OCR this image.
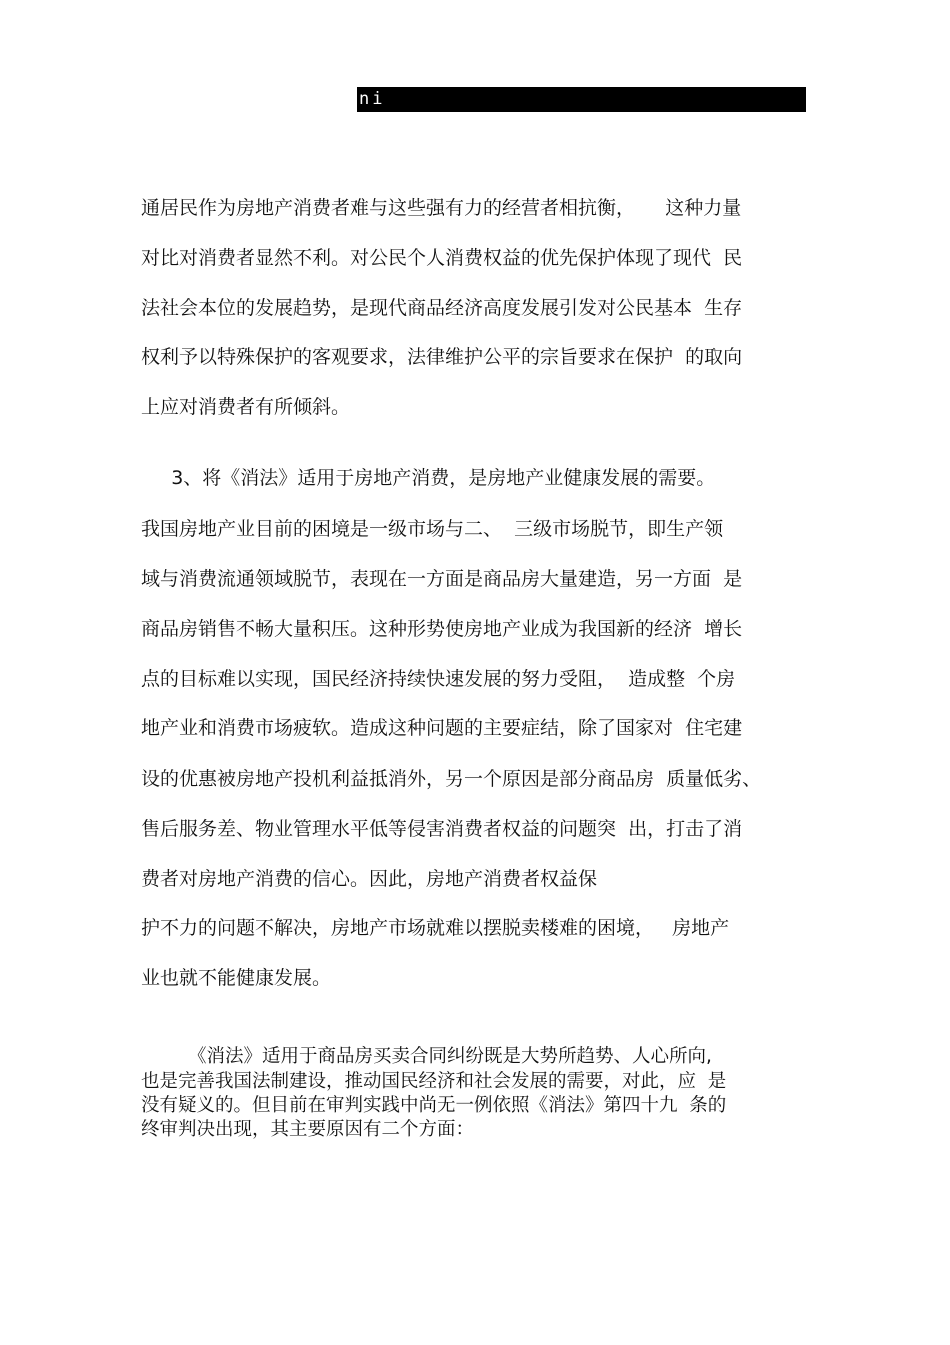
ni
通居民作为房地产消费者难与这些强有力的经营者相抗衡，     这种力量
对比对消费者显然不利。对公民个人消费权益的优先保护体现了现代  民
法社会本位的发展趋势，是现代商品经济高度发展引发对公民基本  生存
权利予以特殊保护的客观要求，法律维护公平的宗旨要求在保护  的取向
上应对消费者有所倾斜。
3、将《消法》适用于房地产消费，是房地产业健康发展的需要。
我国房地产业目前的困境是一级市场与二、  三级市场脱节，即生产领
域与消费流通领域脱节，表现在一方面是商品房大量建造，另一方面  是
商品房销售不畅大量积压。这种形势使房地产业成为我国新的经济  增长
点的目标难以实现，国民经济持续快速发展的努力受阻，  造成整  个房
地产业和消费市场疲软。造成这种问题的主要症结，除了国家对  住宅建
设的优惠被房地产投机利益抵消外，另一个原因是部分商品房  质量低劣、
售后服务差、物业管理水平低等侵害消费者权益的问题突  出，打击了消
费者对房地产消费的信心。因此，房地产消费者权益保
护不力的问题不解决，房地产市场就难以摆脱卖楼难的困境，   房地产
业也就不能健康发展。
《消法》适用于商品房买卖合同纠纷既是大势所趋势、人心所向,
也是完善我国法制建设，推动国民经济和社会发展的需要，对此，应  是
没有疑义的。但目前在审判实践中尚无一例依照《消法》第四十九  条的
终审判决出现，其主要原因有二个方面：
